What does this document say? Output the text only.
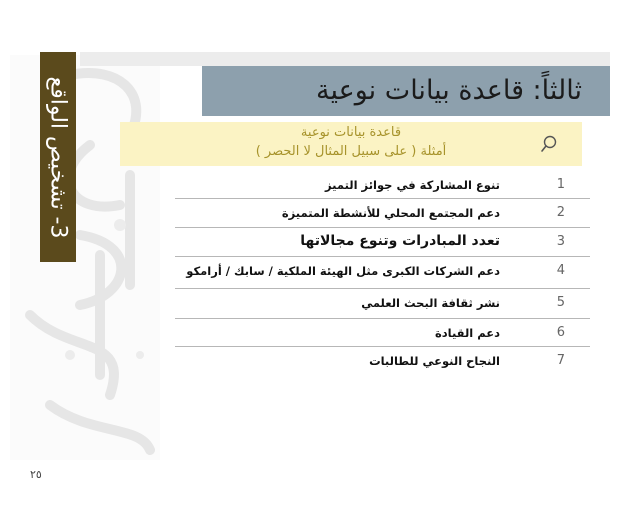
3- تشخيص الواقع
ثالثاً: قاعدة بيانات نوعية
قاعدة بيانات نوعية
أمثلة ( على سبيل المثال لا الحصر )
تنوع المشاركة في جوائز التميز	1
دعم المجتمع المحلي للأنشطة المتميزة	2
تعدد المبادرات وتنوع مجالاتها	3
دعم الشركات الكبرى مثل الهيئة الملكية / سابك / أرامكو	4
نشر ثقافة البحث العلمي	5
دعم القيادة	6
النجاح النوعي للطالبات	7
٢٥
